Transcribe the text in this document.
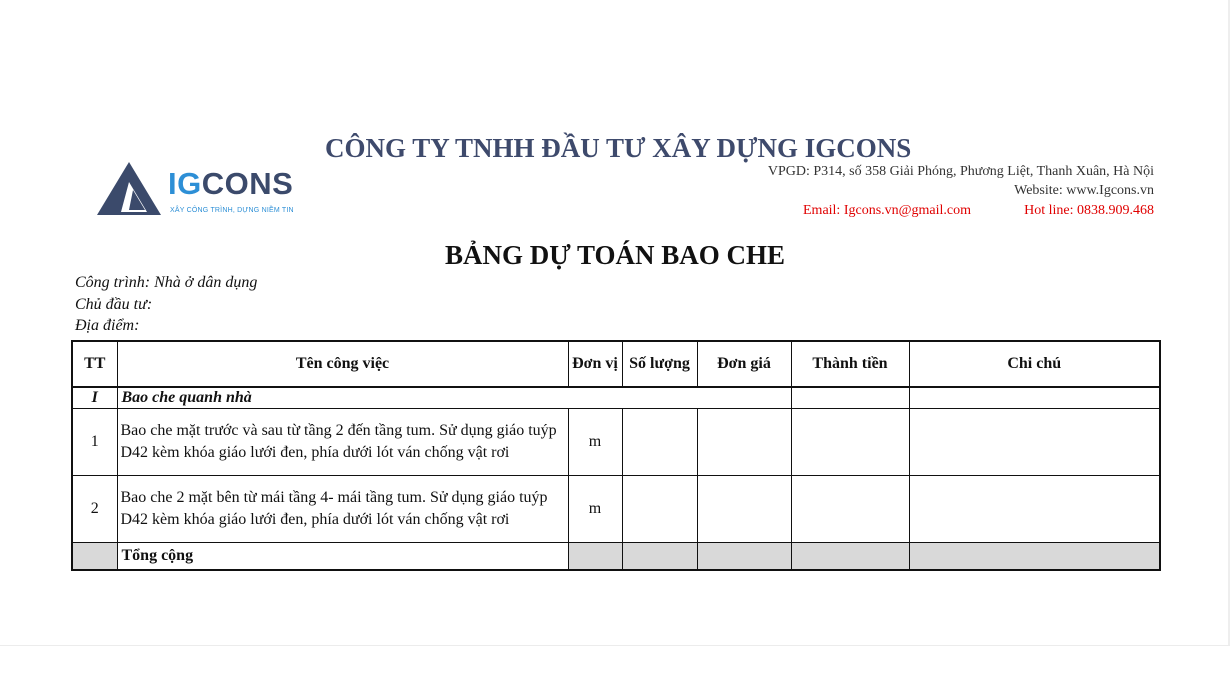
IGCONS
XÂY CÔNG TRÌNH, DỰNG NIỀM TIN
CÔNG TY TNHH ĐẦU TƯ XÂY DỰNG IGCONS
VPGD: P314, số 358 Giải Phóng, Phương Liệt, Thanh Xuân, Hà Nội
Website: www.Igcons.vn
Email: Igcons.vn@gmail.com	Hot line: 0838.909.468
BẢNG DỰ TOÁN BAO CHE
Công trình: Nhà ở dân dụng
Chủ đầu tư:
Địa điểm:
TT	Tên công việc	Đơn vị	Số lượng	Đơn giá	Thành tiền	Chi chú
I	Bao che quanh nhà					
1	Bao che mặt trước và sau từ tầng 2 đến tầng tum. Sử dụng giáo tuýp D42 kèm khóa giáo lưới đen, phía dưới lót ván chống vật rơi	m				
2	Bao che 2 mặt bên từ mái tầng 4- mái tầng tum. Sử dụng giáo tuýp D42 kèm khóa giáo lưới đen, phía dưới lót ván chống vật rơi	m				
	Tổng cộng					
